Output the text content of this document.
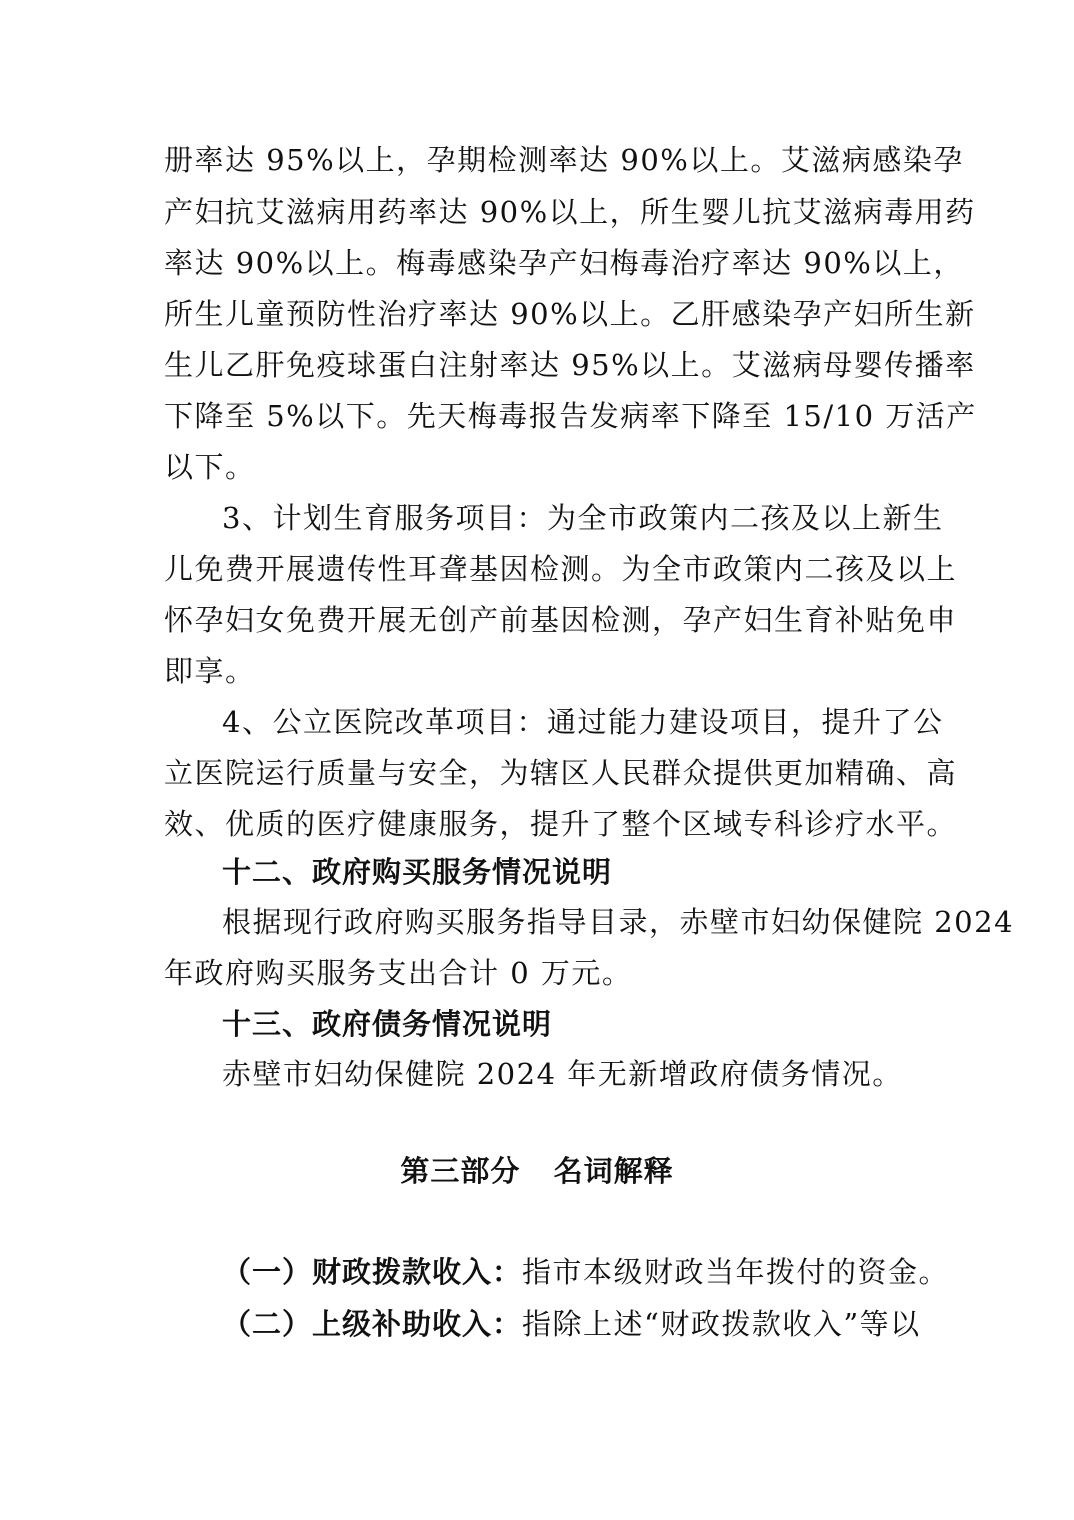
册率达 95%以上，孕期检测率达 90%以上。艾滋病感染孕
产妇抗艾滋病用药率达 90%以上，所生婴儿抗艾滋病毒用药
率达 90%以上。梅毒感染孕产妇梅毒治疗率达 90%以上，
所生儿童预防性治疗率达 90%以上。乙肝感染孕产妇所生新
生儿乙肝免疫球蛋白注射率达 95%以上。艾滋病母婴传播率
下降至 5%以下。先天梅毒报告发病率下降至 15/10 万活产
以下。
3、计划生育服务项目：为全市政策内二孩及以上新生
儿免费开展遗传性耳聋基因检测。为全市政策内二孩及以上
怀孕妇女免费开展无创产前基因检测，孕产妇生育补贴免申
即享。
4、公立医院改革项目：通过能力建设项目，提升了公
立医院运行质量与安全，为辖区人民群众提供更加精确、高
效、优质的医疗健康服务，提升了整个区域专科诊疗水平。
十二、政府购买服务情况说明
根据现行政府购买服务指导目录，赤壁市妇幼保健院 2024
年政府购买服务支出合计 0 万元。
十三、政府债务情况说明
赤壁市妇幼保健院 2024 年无新增政府债务情况。
第三部分   名词解释
（一）财政拨款收入：指市本级财政当年拨付的资金。
（二）上级补助收入：指除上述“财政拨款收入”等以
